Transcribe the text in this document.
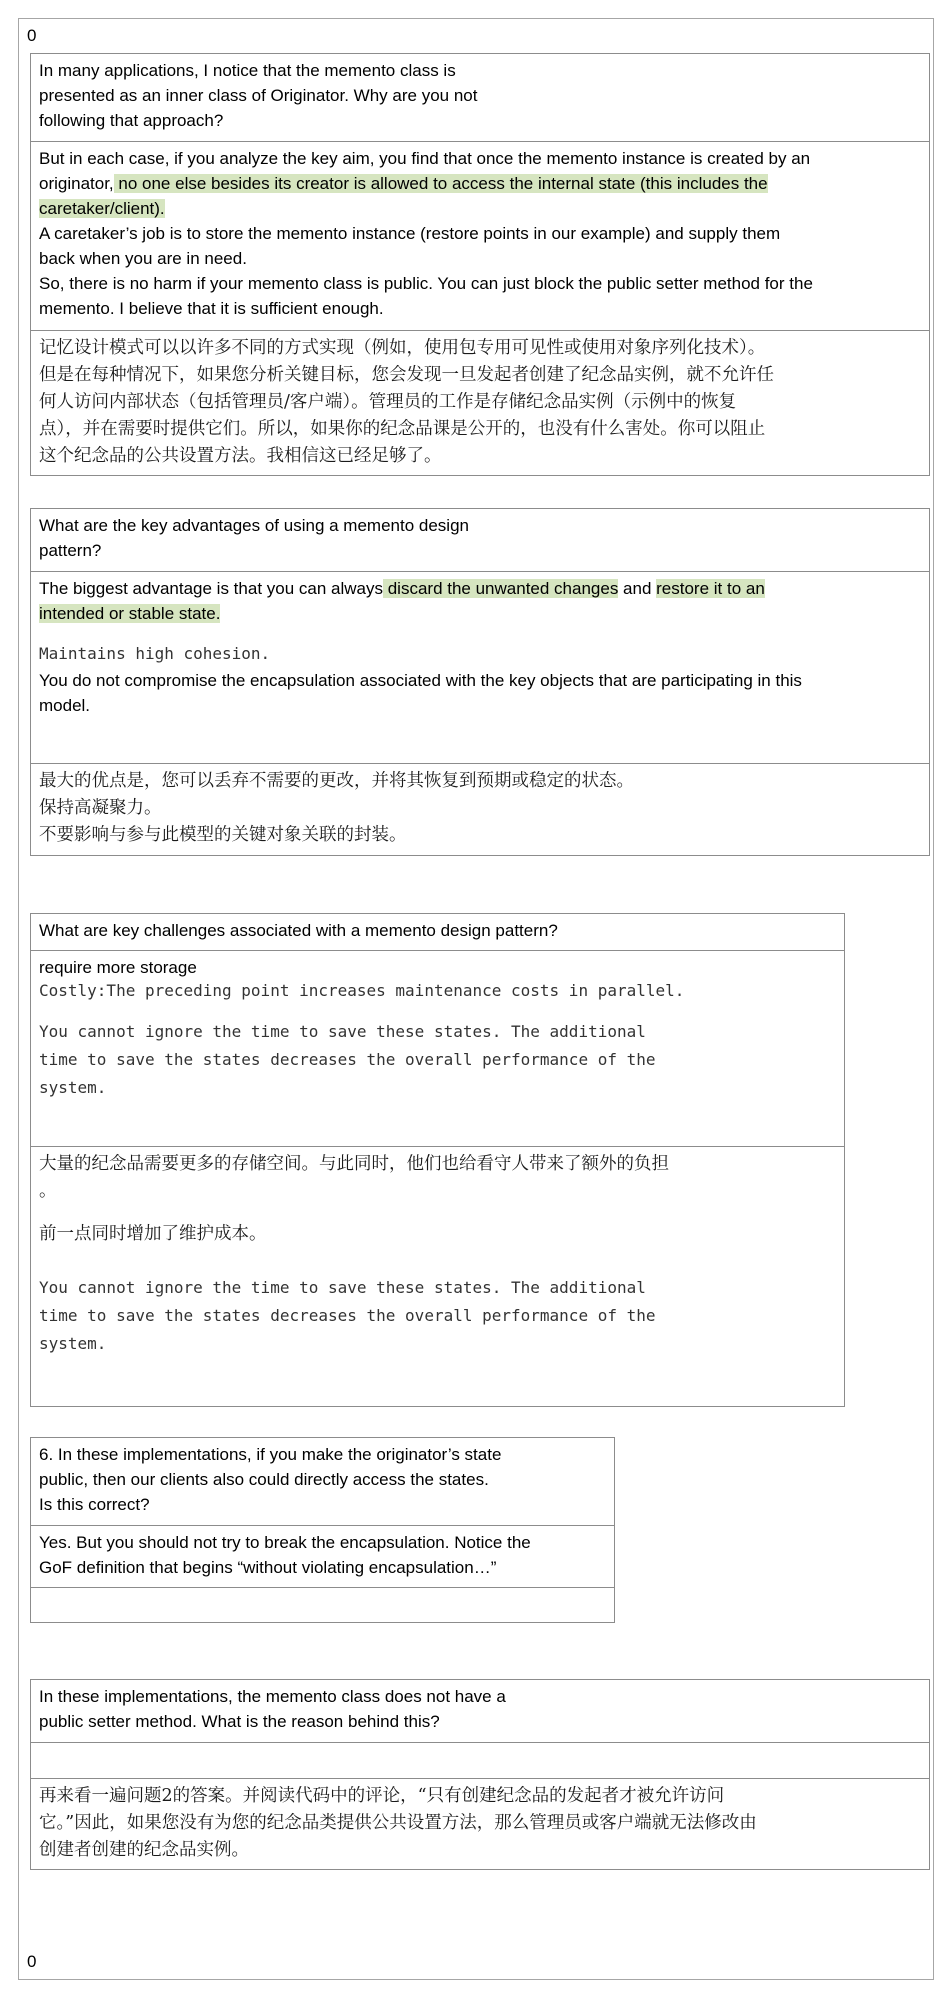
0
In many applications, I notice that the memento class is
presented as an inner class of Originator. Why are you not
following that approach?
But in each case, if you analyze the key aim, you find that once the memento instance is created by an
originator, no one else besides its creator is allowed to access the internal state (this includes the
caretaker/client).
A caretaker’s job is to store the memento instance (restore points in our example) and supply them
back when you are in need.
So, there is no harm if your memento class is public. You can just block the public setter method for the
memento. I believe that it is sufficient enough.
记忆设计模式可以以许多不同的方式实现（例如，使用包专用可见性或使用对象序列化技术）。
但是在每种情况下，如果您分析关键目标，您会发现一旦发起者创建了纪念品实例，就不允许任
何人访问内部状态（包括管理员/客户端）。管理员的工作是存储纪念品实例（示例中的恢复
点），并在需要时提供它们。所以，如果你的纪念品课是公开的，也没有什么害处。你可以阻止
这个纪念品的公共设置方法。我相信这已经足够了。
What are the key advantages of using a memento design
pattern?
The biggest advantage is that you can always discard the unwanted changes and restore it to an
intended or stable state.
Maintains high cohesion.
You do not compromise the encapsulation associated with the key objects that are participating in this
model.
最大的优点是，您可以丢弃不需要的更改，并将其恢复到预期或稳定的状态。
保持高凝聚力。
不要影响与参与此模型的关键对象关联的封装。
What are key challenges associated with a memento design pattern?
require more storage
Costly:The preceding point increases maintenance costs in parallel.
You cannot ignore the time to save these states. The additional
time to save the states decreases the overall performance of the
system.
大量的纪念品需要更多的存储空间。与此同时，他们也给看守人带来了额外的负担
。
前一点同时增加了维护成本。
You cannot ignore the time to save these states. The additional
time to save the states decreases the overall performance of the
system.
6. In these implementations, if you make the originator’s state
public, then our clients also could directly access the states.
Is this correct?
Yes. But you should not try to break the encapsulation. Notice the
GoF definition that begins “without violating encapsulation…”
In these implementations, the memento class does not have a
public setter method. What is the reason behind this?
再来看一遍问题2的答案。并阅读代码中的评论，“只有创建纪念品的发起者才被允许访问
它。”因此，如果您没有为您的纪念品类提供公共设置方法，那么管理员或客户端就无法修改由
创建者创建的纪念品实例。
0
